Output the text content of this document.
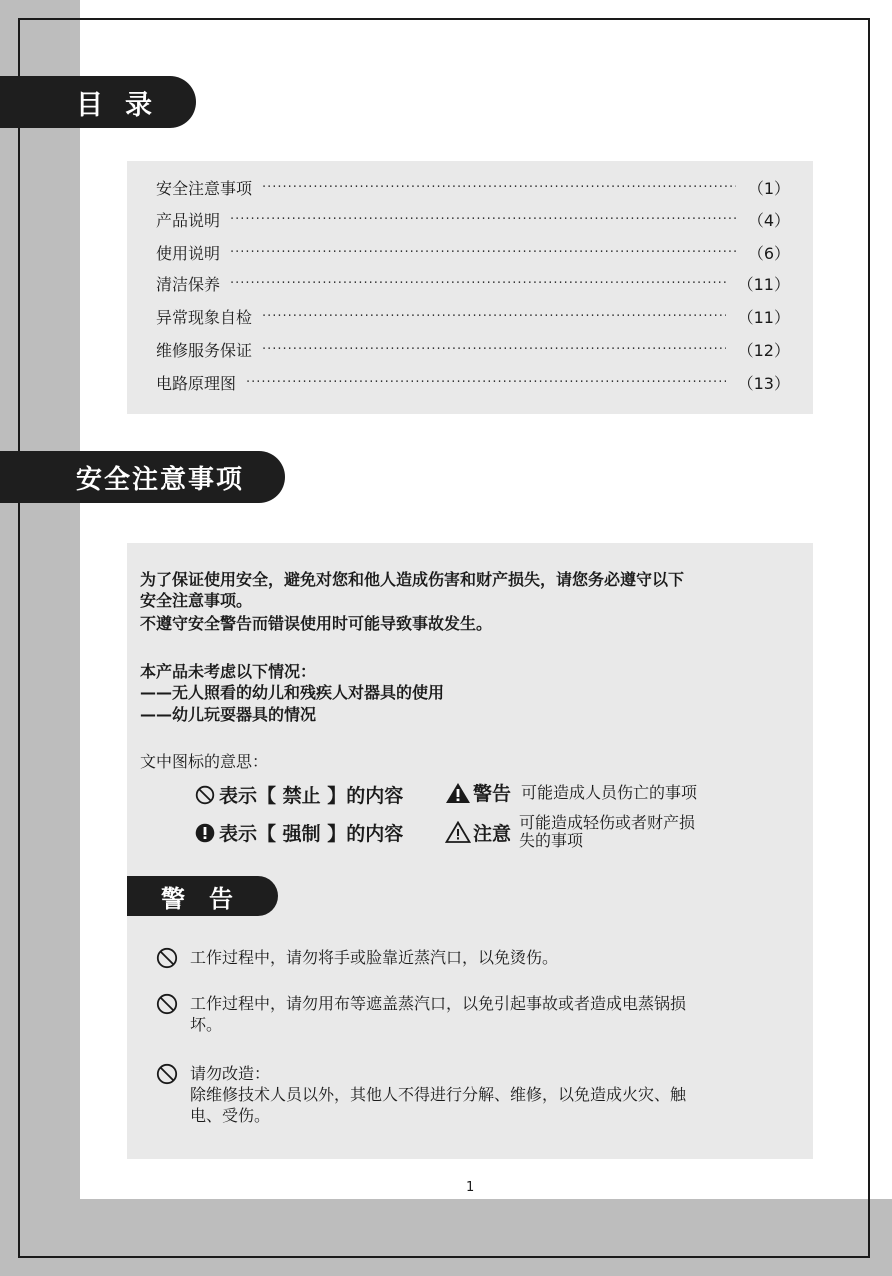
目录
安全注意事项 ·····	（1）
产品说明 ·····	（4）
使用说明 ·····	（6）
清洁保养 ·····	（11）
异常现象自检 ·····	（11）
维修服务保证 ·····	（12）
电路原理图 ·····	（13）
安全注意事项
为了保证使用安全，避免对您和他人造成伤害和财产损失，请您务必遵守以下
安全注意事项。
不遵守安全警告而错误使用时可能导致事故发生。
本产品未考虑以下情况：
——无人照看的幼儿和残疾人对器具的使用
——幼儿玩耍器具的情况
文中图标的意思：
表示【 禁止 】的内容	警告 可能造成人员伤亡的事项
表示【 强制 】的内容	注意 可能造成轻伤或者财产损
失的事项
警告
工作过程中，请勿将手或脸靠近蒸汽口，以免烫伤。
工作过程中，请勿用布等遮盖蒸汽口，以免引起事故或者造成电蒸锅损
坏。
请勿改造：
除维修技术人员以外，其他人不得进行分解、维修，以免造成火灾、触
电、受伤。
1
